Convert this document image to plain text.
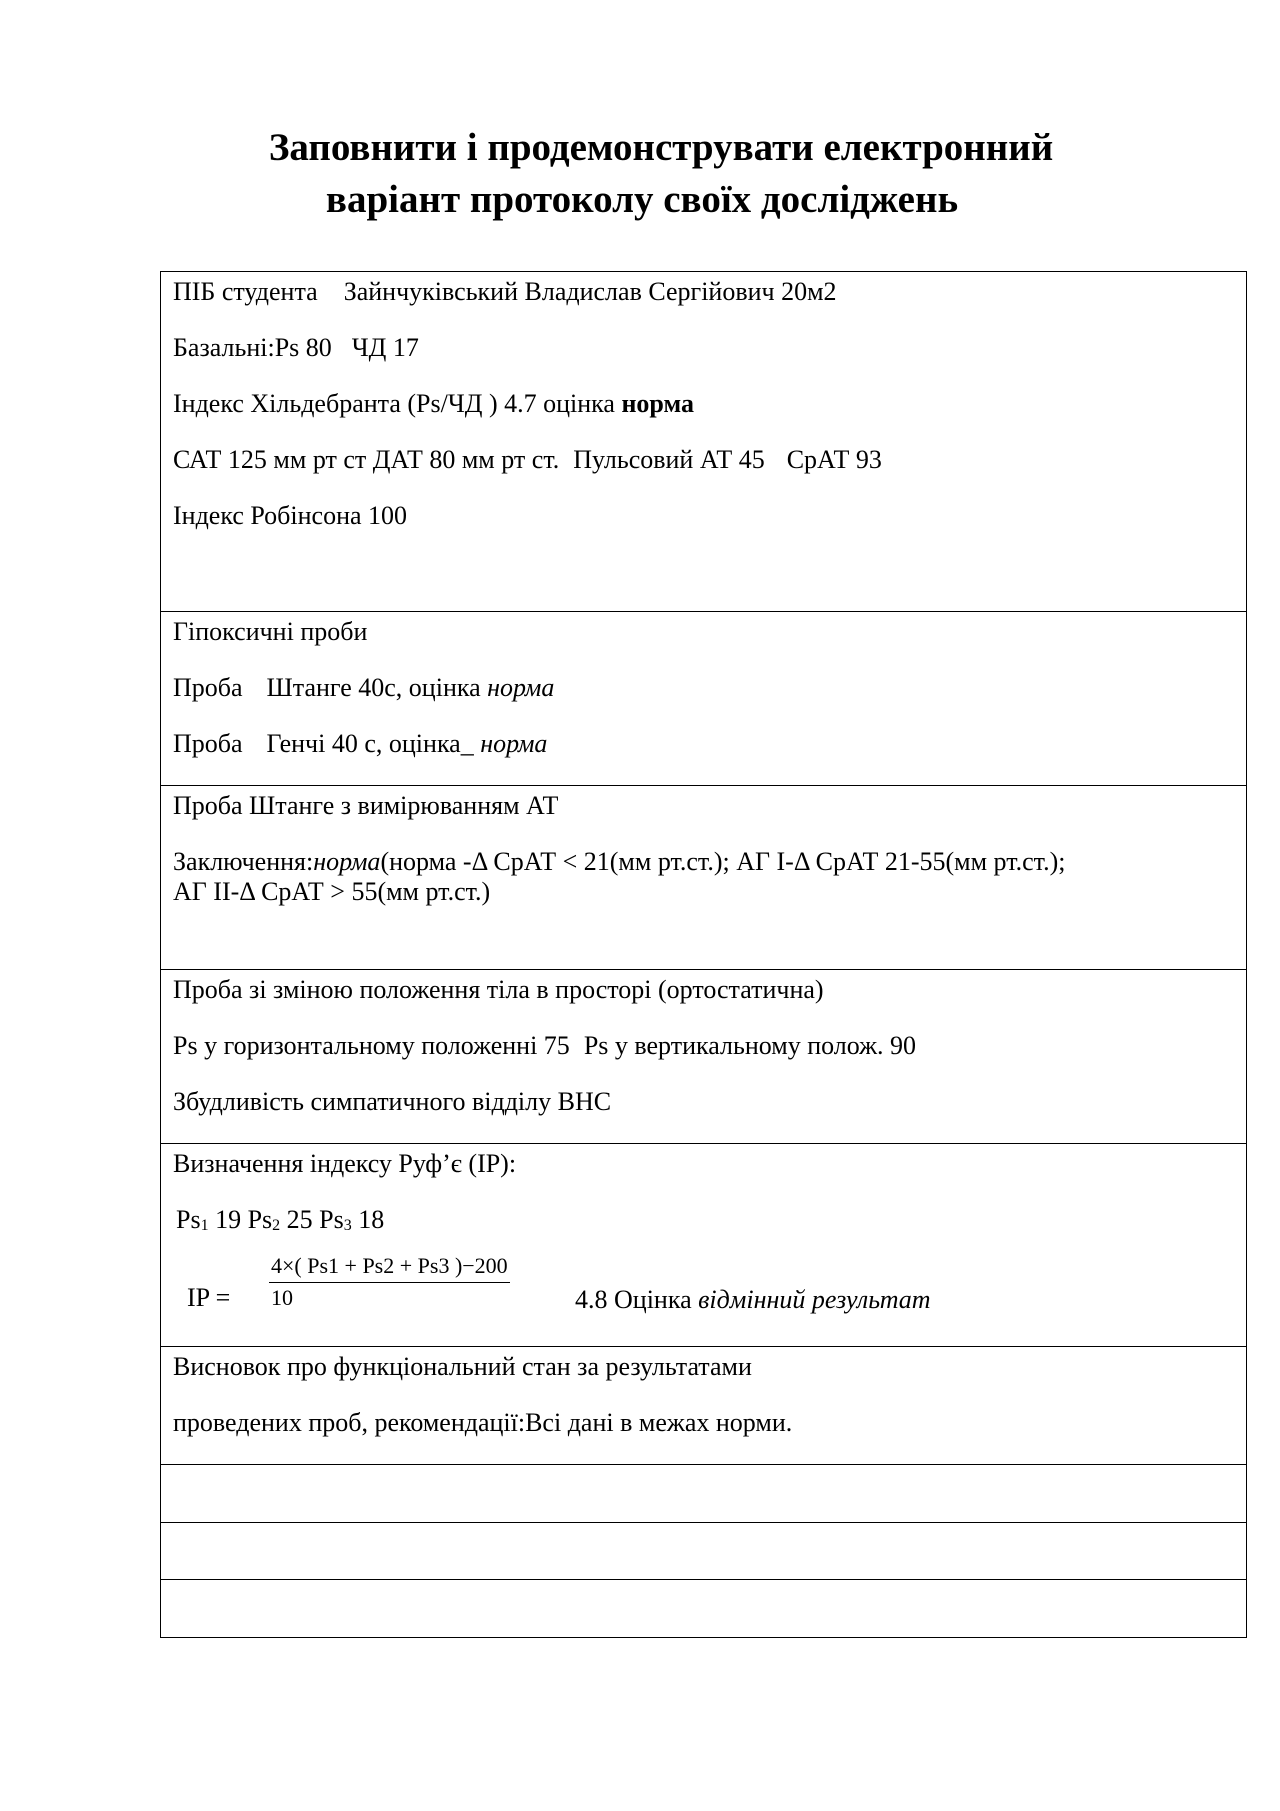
Заповнити і продемонструвати електронний
варіант протоколу своїх досліджень

ПІБ студента Зайнчуківський Владислав Сергійович 20м2

Базальні:Ps 80 ЧД 17

Індекс Хільдебранта (Ps/ЧД ) 4.7 оцінка норма

САТ 125 мм рт ст ДАТ 80 мм рт ст. Пульсовий АТ 45 СрАТ 93

Індекс Робінсона 100

Гіпоксичні проби

Проба Штанге 40с, оцінка норма

Проба Генчі 40 с, оцінка_ норма

Проба Штанге з вимірюванням АТ

Заключення:норма(норма -Δ СрАТ < 21(мм рт.ст.); АГ I-Δ СрАТ 21-55(мм рт.ст.);

АГ II-Δ СрАТ > 55(мм рт.ст.)

Проба зі зміною положення тіла в просторі (ортостатична)

Ps у горизонтальному положенні 75 Ps у вертикальному полож. 90

Збудливість симпатичного відділу ВНС

Визначення індексу Руф’є (IP):

Ps1 19 Ps2 25 Ps3 18

IP = $\frac{4\times( Ps1 + Ps2 + Ps3 )-200}{10}$	4.8 Оцінка відмінний результат

Висновок про функціональний стан за результатами

проведених проб, рекомендації:Всі дані в межах норми.
